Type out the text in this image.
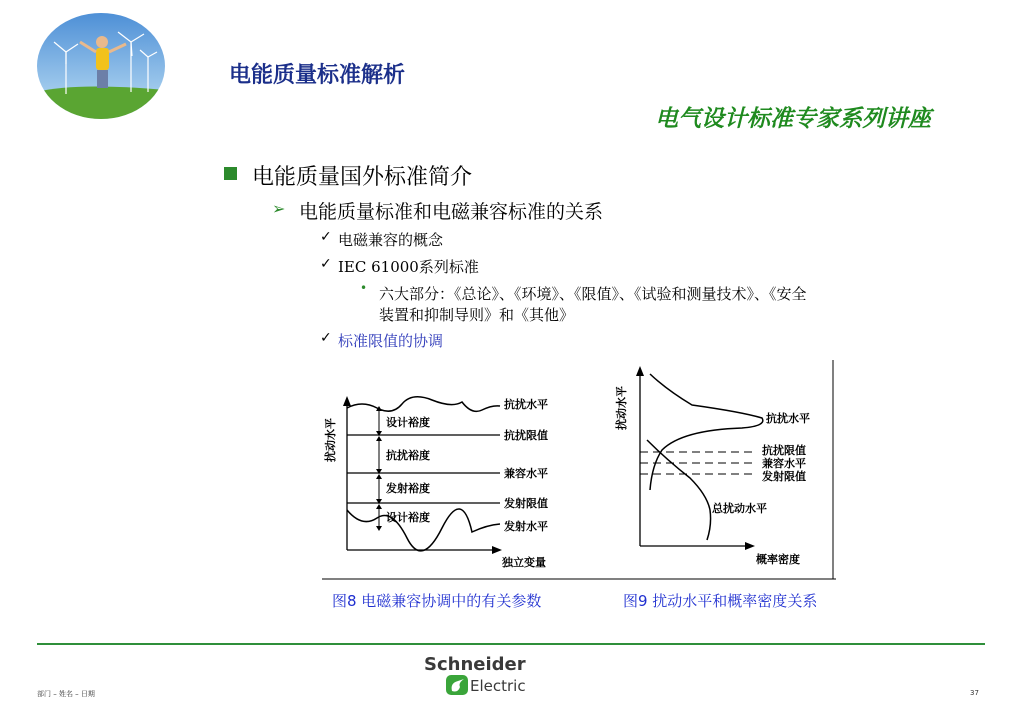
电能质量标准解析
电气设计标准专家系列讲座
电能质量国外标准简介
➢ 电能质量标准和电磁兼容标准的关系
✓ 电磁兼容的概念
✓ IEC 61000系列标准
• 六大部分：《总论》、《环境》、《限值》、《试验和测量技术》、《安全
装置和抑制导则》和《其他》
✓ 标准限值的协调
扰动水平
独立变量
设计裕度
抗扰裕度
发射裕度
设计裕度
抗扰水平
抗扰限值
兼容水平
发射限值
发射水平
扰动水平
概率密度
抗扰水平
抗扰限值
兼容水平
发射限值
总扰动水平
图8 电磁兼容协调中的有关参数	图9 扰动水平和概率密度关系
Schneider
Electric
部门 – 姓名 – 日期	37
